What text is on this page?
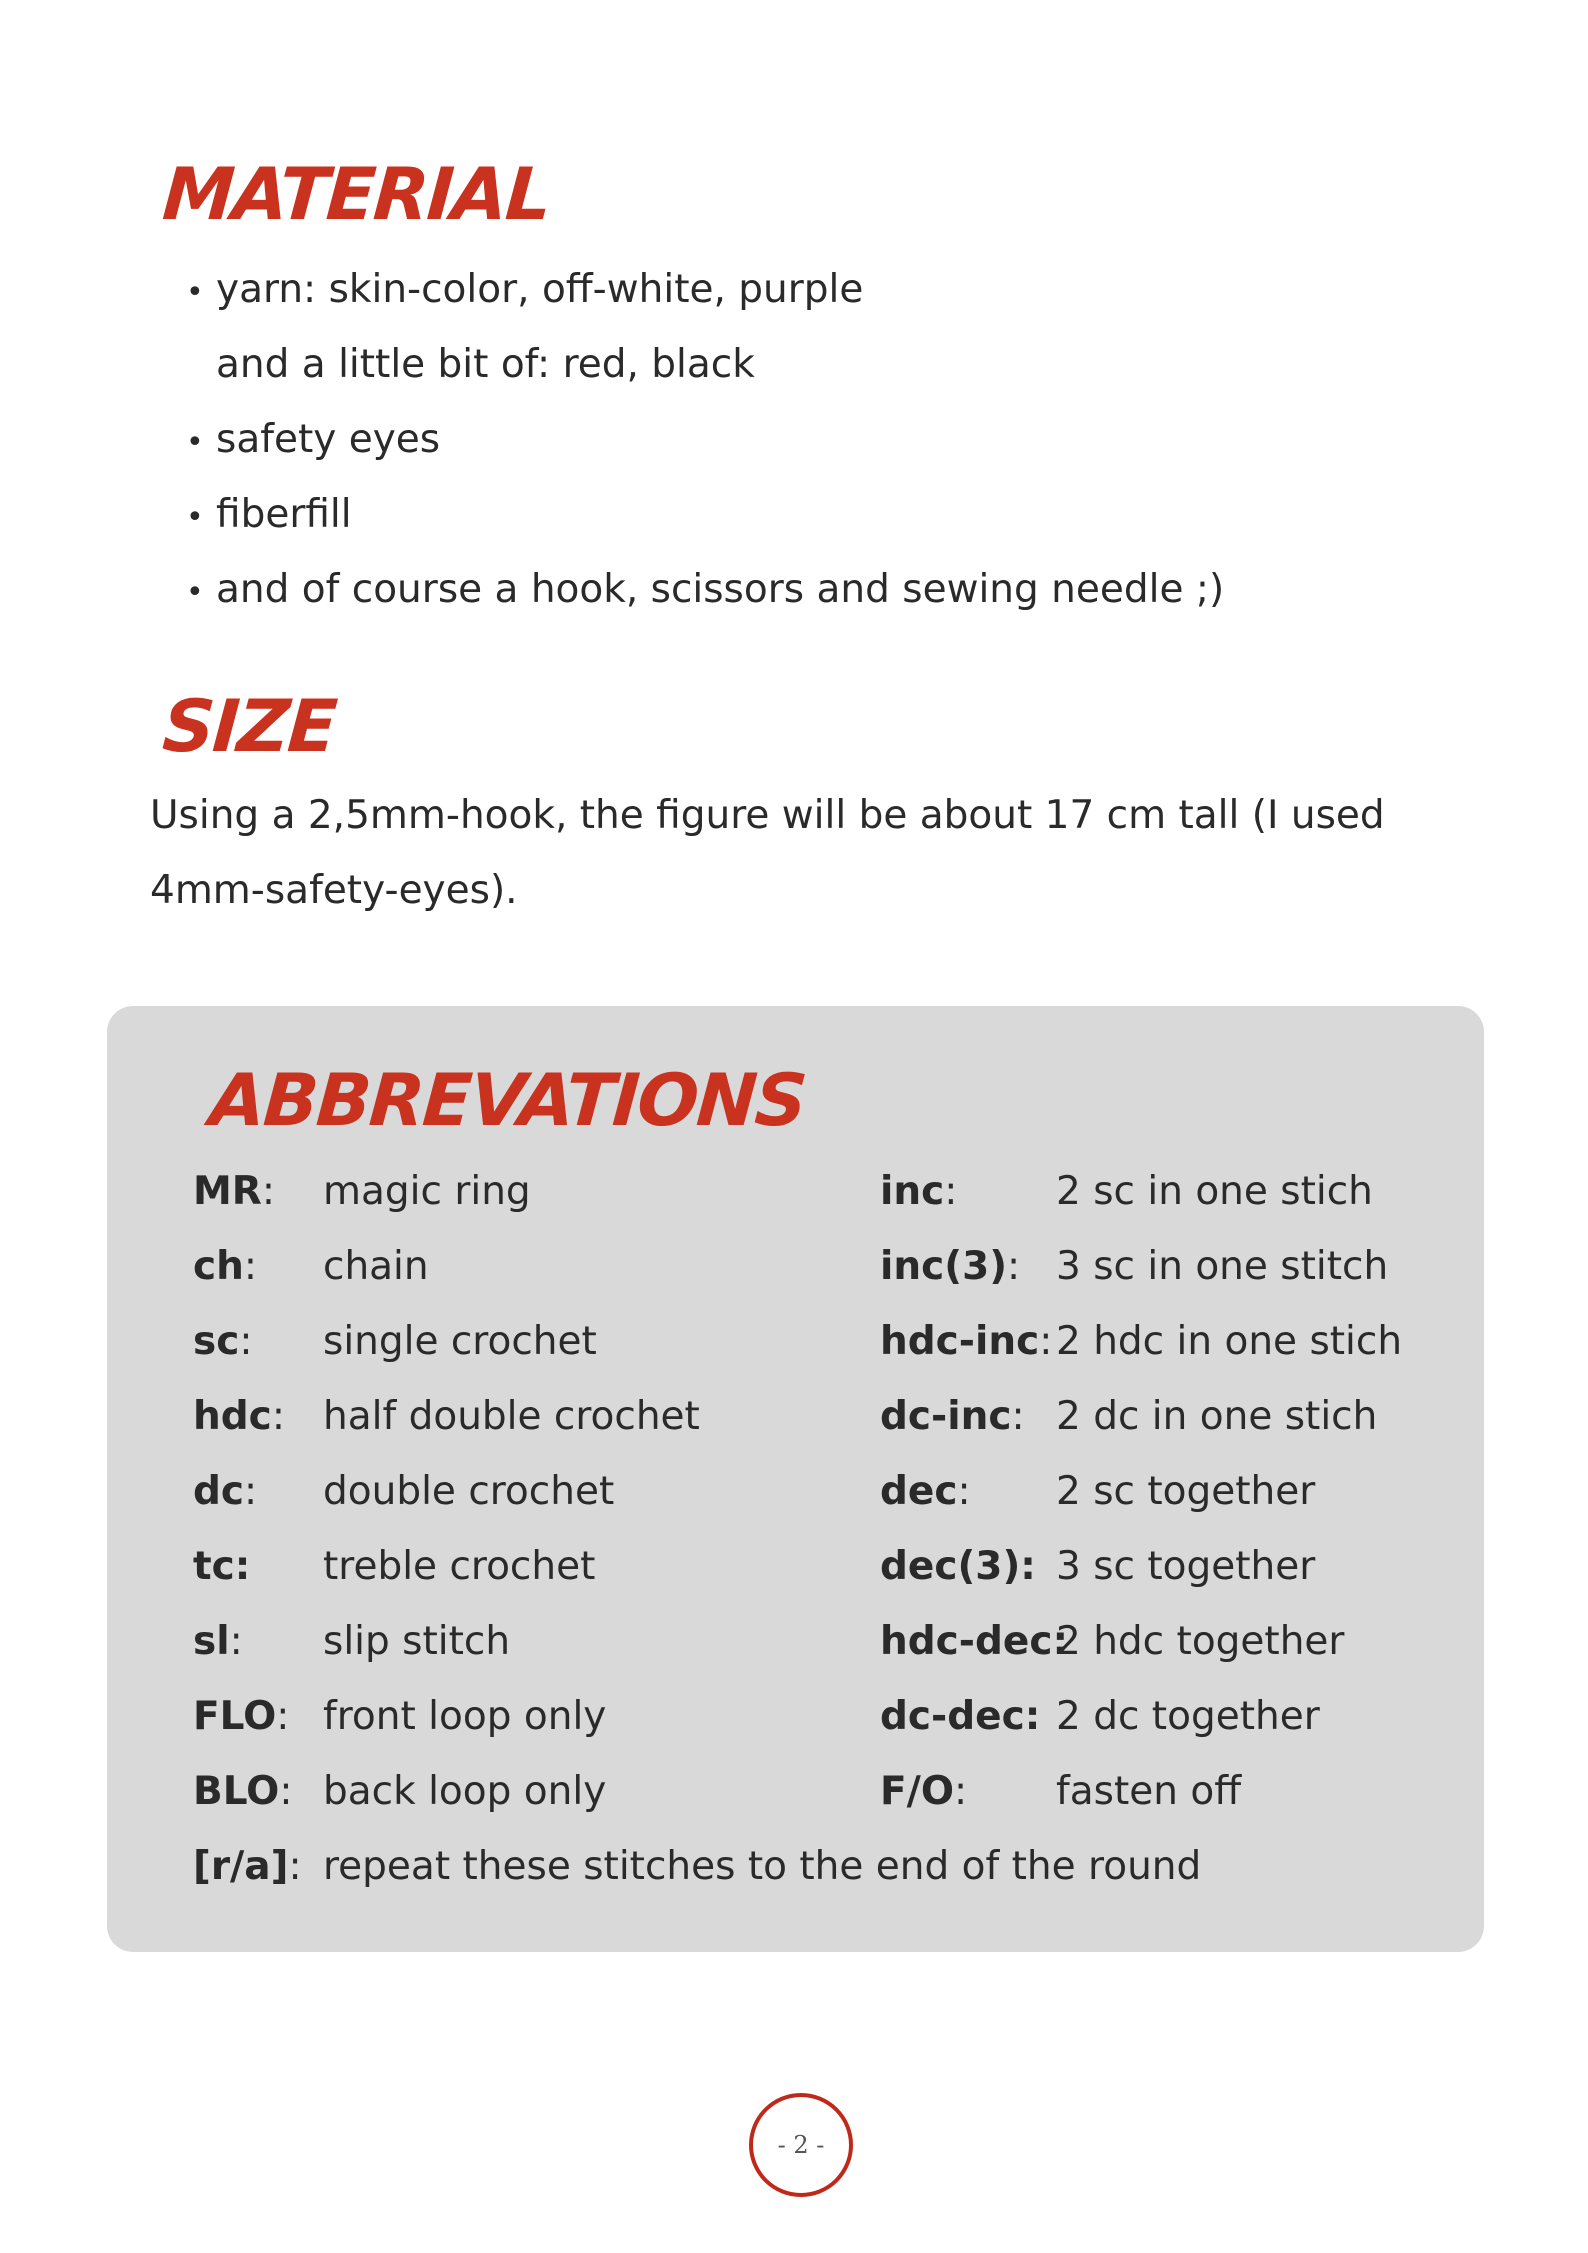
MATERIAL
• yarn: skin-color, off-white, purple
and a little bit of: red, black
• safety eyes
• fiberfill
• and of course a hook, scissors and sewing needle ;)
SIZE

Using a 2,5mm-hook, the figure will be about 17 cm tall (I used 4mm-safety-eyes).

ABBREVATIONS
MR: magic ring
ch: chain
sc: single crochet
hdc: half double crochet
dc: double crochet
tc: treble crochet
sl: slip stitch
FLO: front loop only
BLO: back loop only
[r/a]: repeat these stitches to the end of the round
inc:	2 sc in one stich
inc(3): 3 sc in one stitch
hdc-inc: 2 hdc in one stich
dc-inc: 2 dc in one stich
dec: 2 sc together
dec(3): 3 sc together
hdc-dec:
2 hdc together
dc-dec: 2 dc together
F/O: fasten off
- 2 -
